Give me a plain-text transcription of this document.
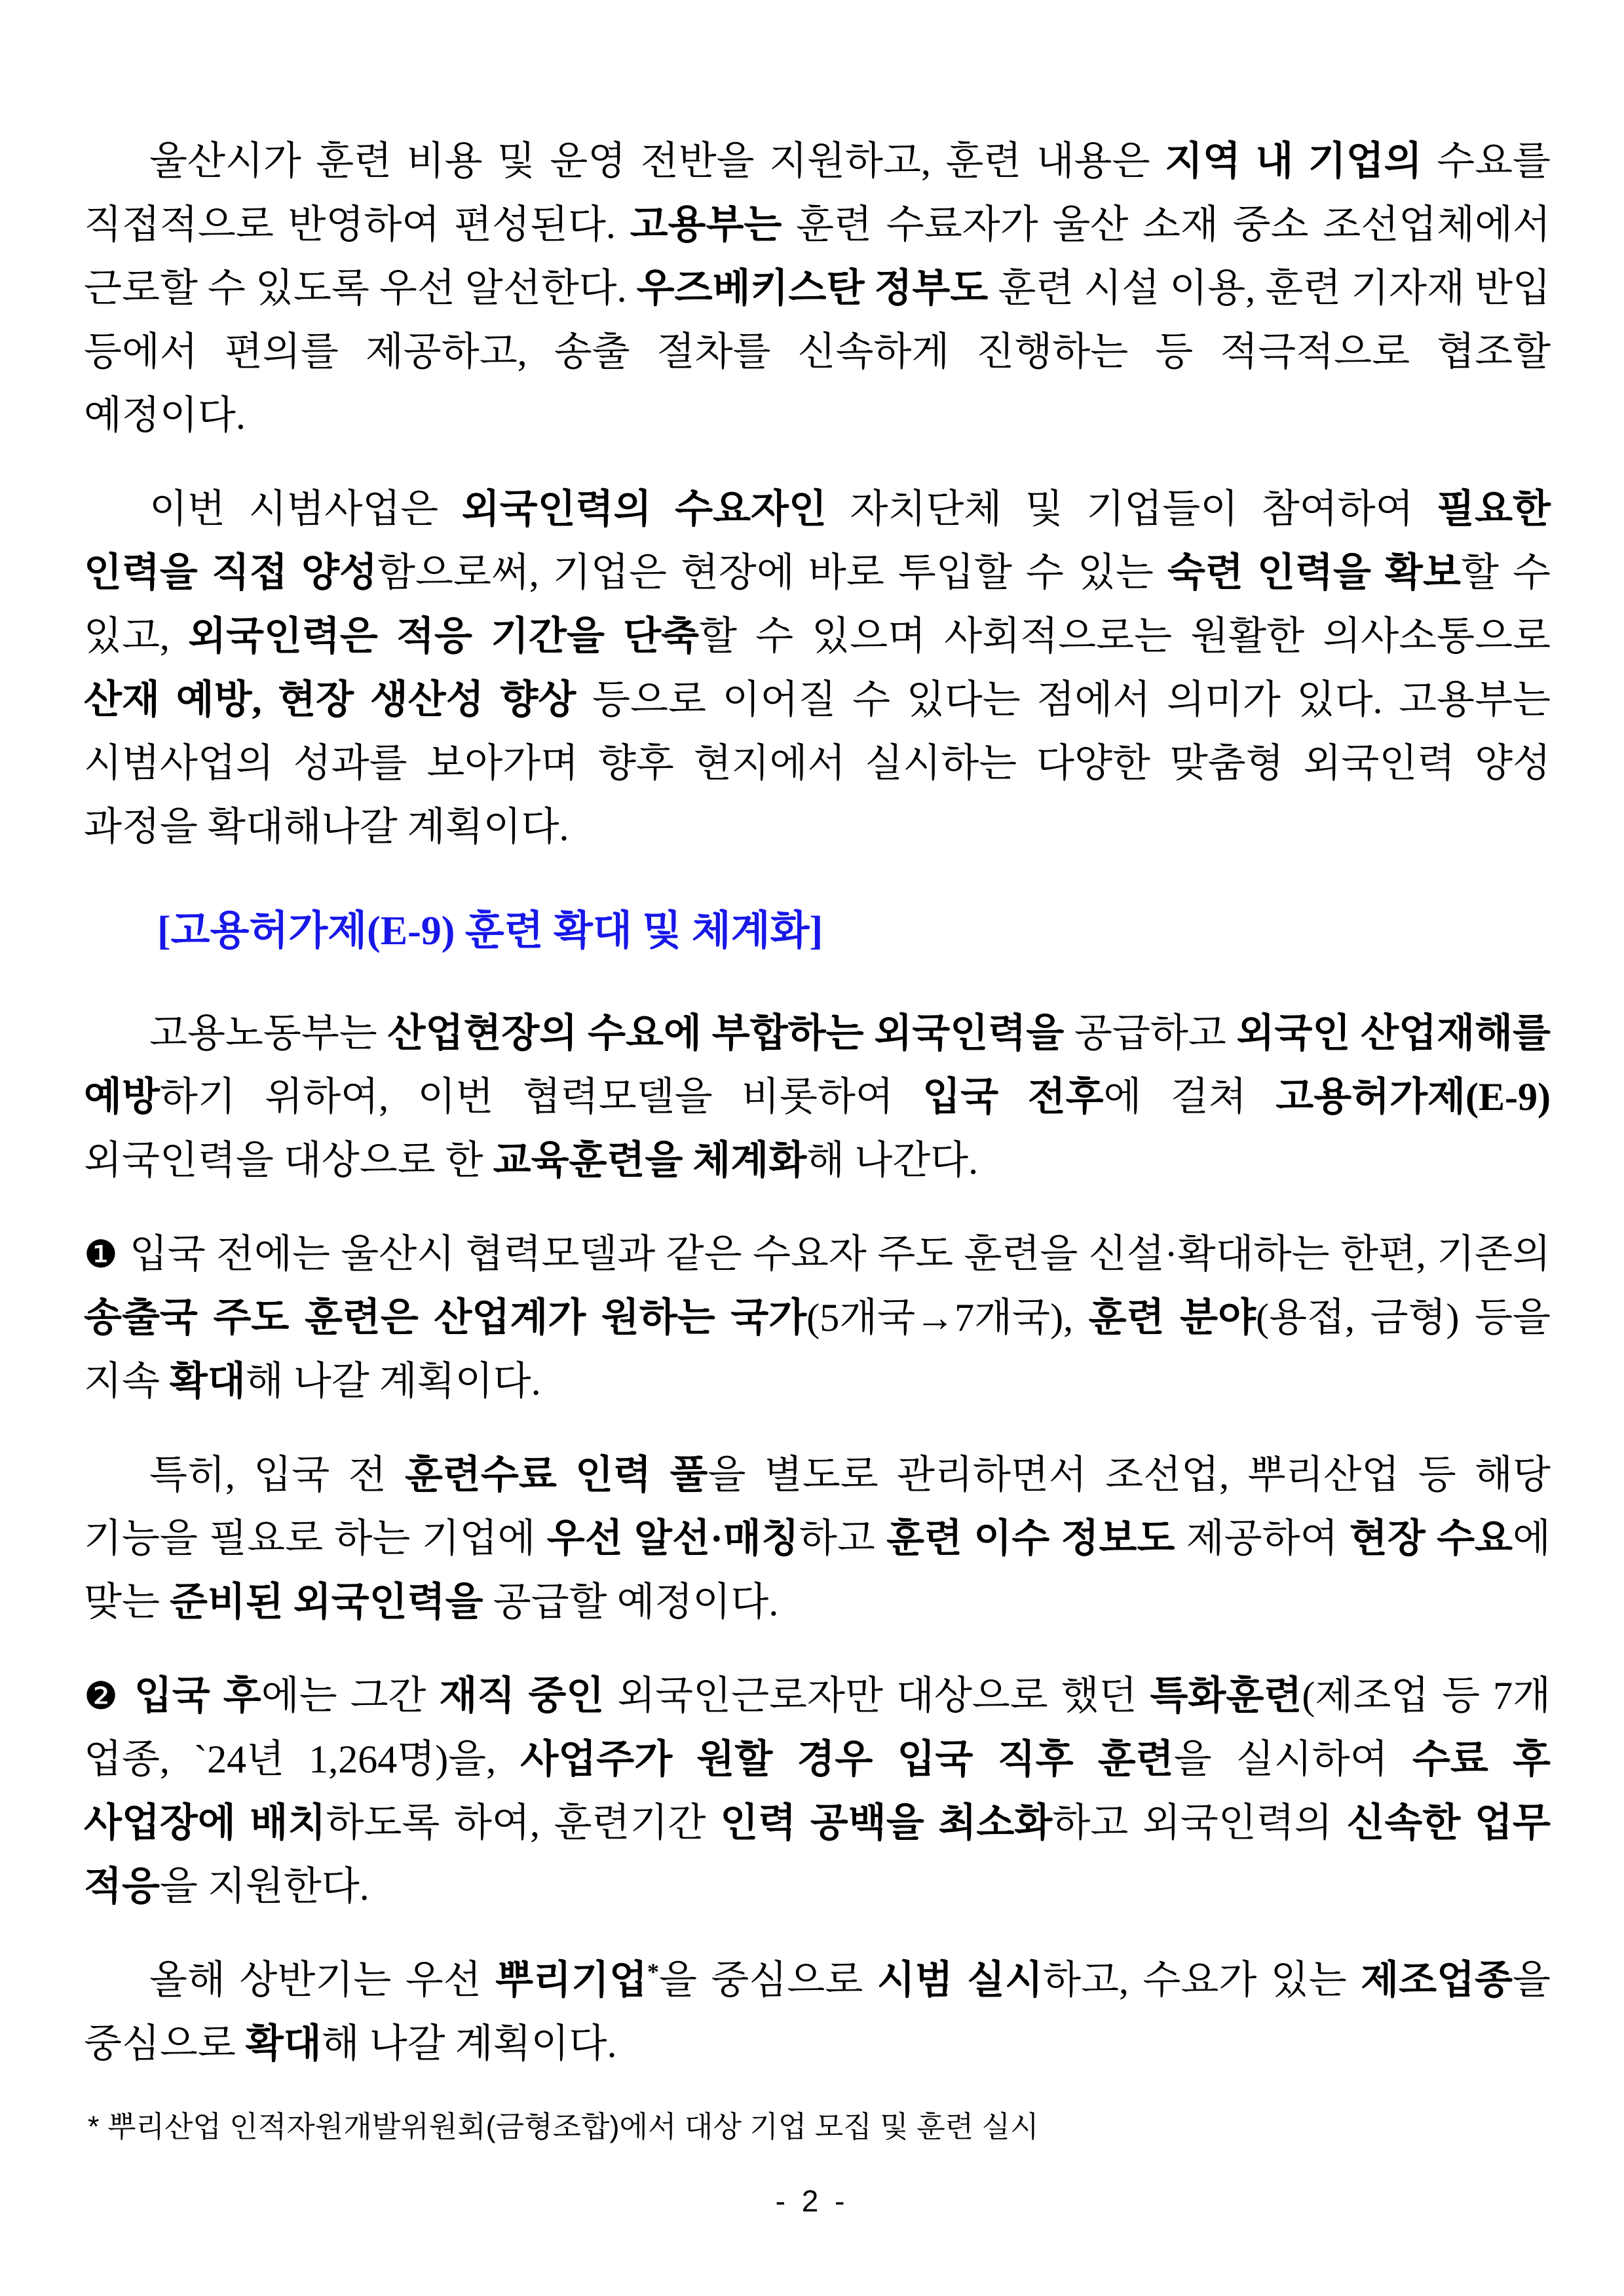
울산시가 훈련 비용 및 운영 전반을 지원하고, 훈련 내용은 지역 내 기업의 수요를 직접적으로 반영하여 편성된다. 고용부는 훈련 수료자가 울산 소재 중소 조선업체에서 근로할 수 있도록 우선 알선한다. 우즈베키스탄 정부도 훈련 시설 이용, 훈련 기자재 반입 등에서 편의를 제공하고, 송출 절차를 신속하게 진행하는 등 적극적으로 협조할 예정이다.

이번 시범사업은 외국인력의 수요자인 자치단체 및 기업들이 참여하여 필요한 인력을 직접 양성함으로써, 기업은 현장에 바로 투입할 수 있는 숙련 인력을 확보할 수 있고, 외국인력은 적응 기간을 단축할 수 있으며 사회적으로는 원활한 의사소통으로 산재 예방, 현장 생산성 향상 등으로 이어질 수 있다는 점에서 의미가 있다. 고용부는 시범사업의 성과를 보아가며 향후 현지에서 실시하는 다양한 맞춤형 외국인력 양성 과정을 확대해나갈 계획이다.

[고용허가제(E-9) 훈련 확대 및 체계화]

고용노동부는 산업현장의 수요에 부합하는 외국인력을 공급하고 외국인 산업재해를 예방하기 위하여, 이번 협력모델을 비롯하여 입국 전후에 걸쳐 고용허가제(E-9) 외국인력을 대상으로 한 교육훈련을 체계화해 나간다.

❶ 입국 전에는 울산시 협력모델과 같은 수요자 주도 훈련을 신설·확대하는 한편, 기존의 송출국 주도 훈련은 산업계가 원하는 국가(5개국→7개국), 훈련 분야(용접, 금형) 등을 지속 확대해 나갈 계획이다.

특히, 입국 전 훈련수료 인력 풀을 별도로 관리하면서 조선업, 뿌리산업 등 해당 기능을 필요로 하는 기업에 우선 알선·매칭하고 훈련 이수 정보도 제공하여 현장 수요에 맞는 준비된 외국인력을 공급할 예정이다.

❷ 입국 후에는 그간 재직 중인 외국인근로자만 대상으로 했던 특화훈련(제조업 등 7개 업종, `24년 1,264명)을, 사업주가 원할 경우 입국 직후 훈련을 실시하여 수료 후 사업장에 배치하도록 하여, 훈련기간 인력 공백을 최소화하고 외국인력의 신속한 업무 적응을 지원한다.

올해 상반기는 우선 뿌리기업*을 중심으로 시범 실시하고, 수요가 있는 제조업종을 중심으로 확대해 나갈 계획이다.

* 뿌리산업 인적자원개발위원회(금형조합)에서 대상 기업 모집 및 훈련 실시

- 2 -
